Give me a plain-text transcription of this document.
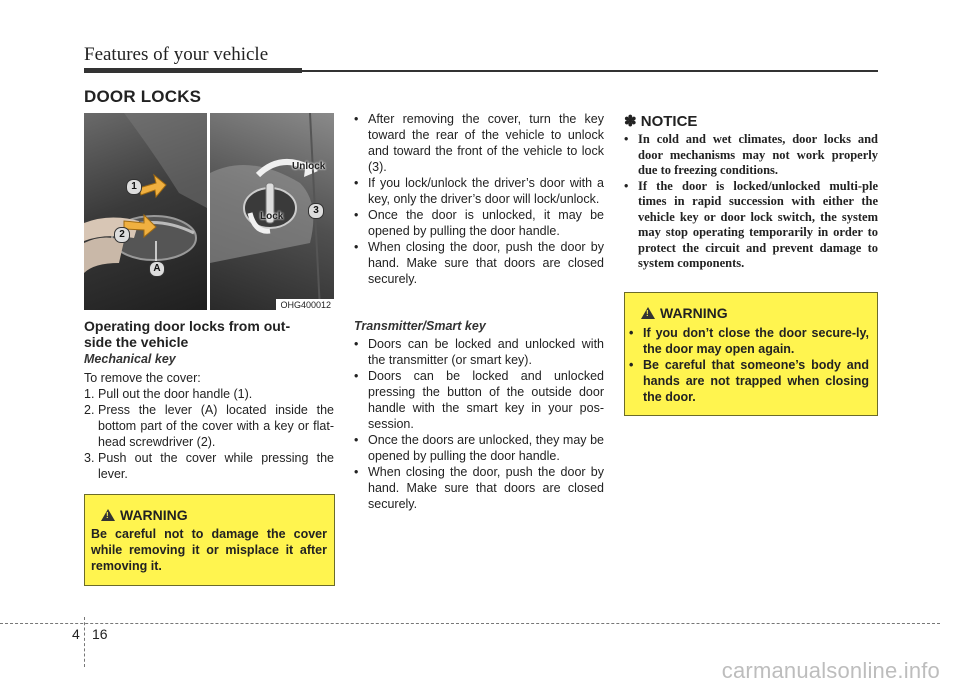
Features of your vehicle
DOOR LOCKS
1
2
A
Unlock
Lock
3
OHG400012
Operating door locks from out-
side the vehicle
Mechanical key
To remove the cover:
1. Pull out the door handle (1).
2. Press the lever (A) located inside the bottom part of the cover with a key or flat-head screwdriver (2).
3. Push out the cover while pressing the lever.
! WARNING
Be careful not to damage the cover while removing it or misplace it after removing it.
• After removing the cover, turn the key toward the rear of the vehicle to unlock and toward the front of the vehicle to lock (3).
• If you lock/unlock the driver’s door with a key, only the driver’s door will lock/unlock.
• Once the door is unlocked, it may be opened by pulling the door handle.
• When closing the door, push the door by hand. Make sure that doors are closed securely.
Transmitter/Smart key
• Doors can be locked and unlocked with the transmitter (or smart key).
• Doors can be locked and unlocked pressing the button of the outside door handle with the smart key in your pos-session.
• Once the doors are unlocked, they may be opened by pulling the door handle.
• When closing the door, push the door by hand. Make sure that doors are closed securely.
✽ NOTICE
• In cold and wet climates, door locks and door mechanisms may not work properly due to freezing conditions.
• If the door is locked/unlocked multi-ple times in rapid succession with either the vehicle key or door lock switch, the system may stop operating temporarily in order to protect the circuit and prevent damage to system components.
! WARNING
• If you don’t close the door secure-ly, the door may open again.
• Be careful that someone’s body and hands are not trapped when closing the door.
4 16
carmanualsonline.info
